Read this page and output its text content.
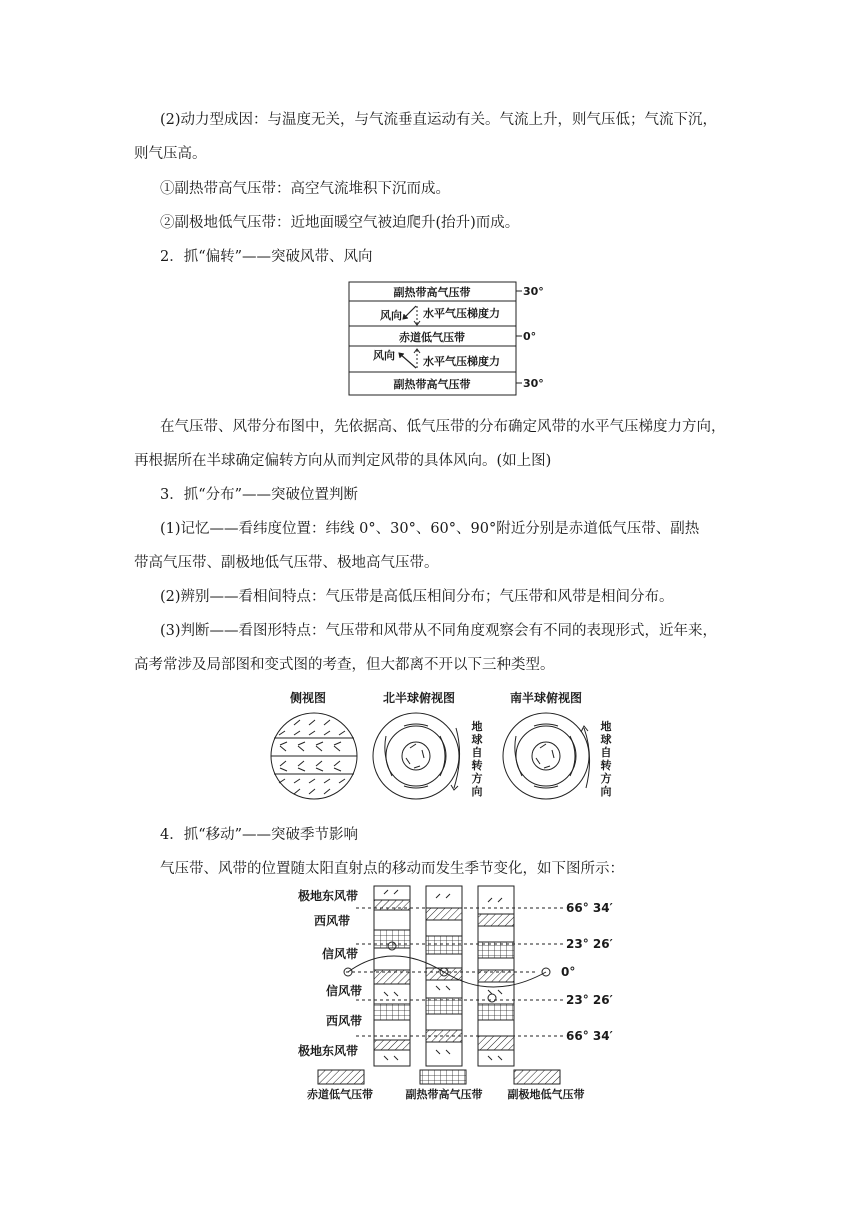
(2)动力型成因：与温度无关，与气流垂直运动有关。气流上升，则气压低；气流下沉，
则气压高。
①副热带高气压带：高空气流堆积下沉而成。
②副极地低气压带：近地面暖空气被迫爬升(抬升)而成。
2．抓“偏转”——突破风带、风向
副热带高气压带
风向 水平气压梯度力
赤道低气压带
风向	水平气压梯度力
副热带高气压带
30°
0°
30°
在气压带、风带分布图中，先依据高、低气压带的分布确定风带的水平气压梯度力方向，
再根据所在半球确定偏转方向从而判定风带的具体风向。(如上图)
3．抓“分布”——突破位置判断
(1)记忆——看纬度位置：纬线 0°、30°、60°、90°附近分别是赤道低气压带、副热
带高气压带、副极地低气压带、极地高气压带。
(2)辨别——看相间特点：气压带是高低压相间分布；气压带和风带是相间分布。
(3)判断——看图形特点：气压带和风带从不同角度观察会有不同的表现形式，近年来，
高考常涉及局部图和变式图的考查，但大都离不开以下三种类型。
侧视图	北半球俯视图	南半球俯视图
地
球
自
转
方
向
地
球
自
转
方
向
4．抓“移动”——突破季节影响
气压带、风带的位置随太阳直射点的移动而发生季节变化，如下图所示：
极地东风带
西风带
信风带
信风带
西风带
极地东风带
66° 34′
23° 26′
0°
23° 26′
66° 34′
赤道低气压带	副热带高气压带 副极地低气压带
